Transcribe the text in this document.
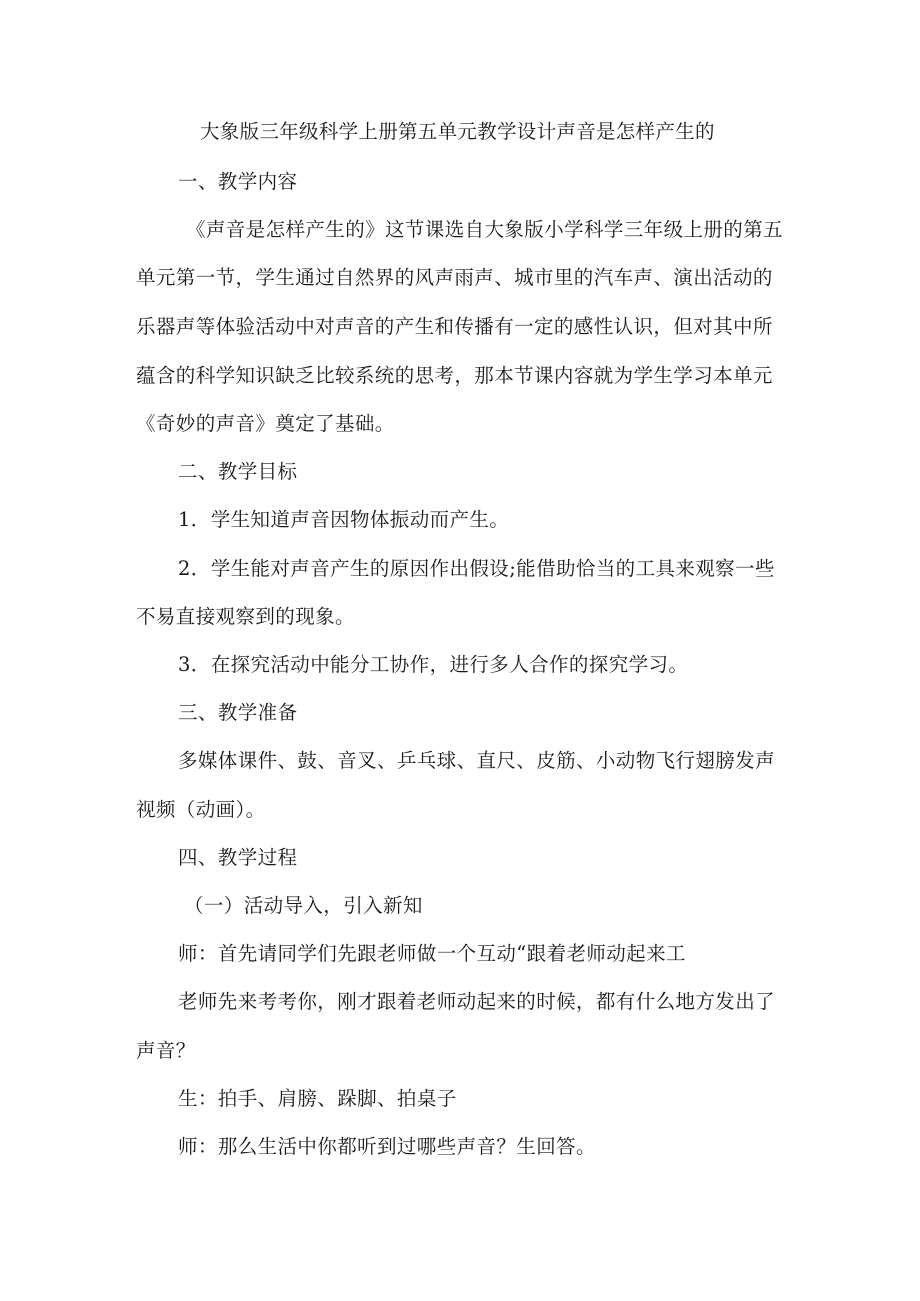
大象版三年级科学上册第五单元教学设计声音是怎样产生的
一、教学内容
《声音是怎样产生的》这节课选自大象版小学科学三年级上册的第五
单元第一节，学生通过自然界的风声雨声、城市里的汽车声、演出活动的
乐器声等体验活动中对声音的产生和传播有一定的感性认识，但对其中所
蕴含的科学知识缺乏比较系统的思考，那本节课内容就为学生学习本单元
《奇妙的声音》奠定了基础。
二、教学目标
1．学生知道声音因物体振动而产生。
2．学生能对声音产生的原因作出假设;能借助恰当的工具来观察一些
不易直接观察到的现象。
3．在探究活动中能分工协作，进行多人合作的探究学习。
三、教学准备
多媒体课件、鼓、音叉、乒乓球、直尺、皮筋、小动物飞行翅膀发声
视频（动画）。
四、教学过程
（一）活动导入，引入新知
师：首先请同学们先跟老师做一个互动“跟着老师动起来工
老师先来考考你，刚才跟着老师动起来的时候，都有什么地方发出了
声音？
生：拍手、肩膀、跺脚、拍桌子
师：那么生活中你都听到过哪些声音？生回答。
